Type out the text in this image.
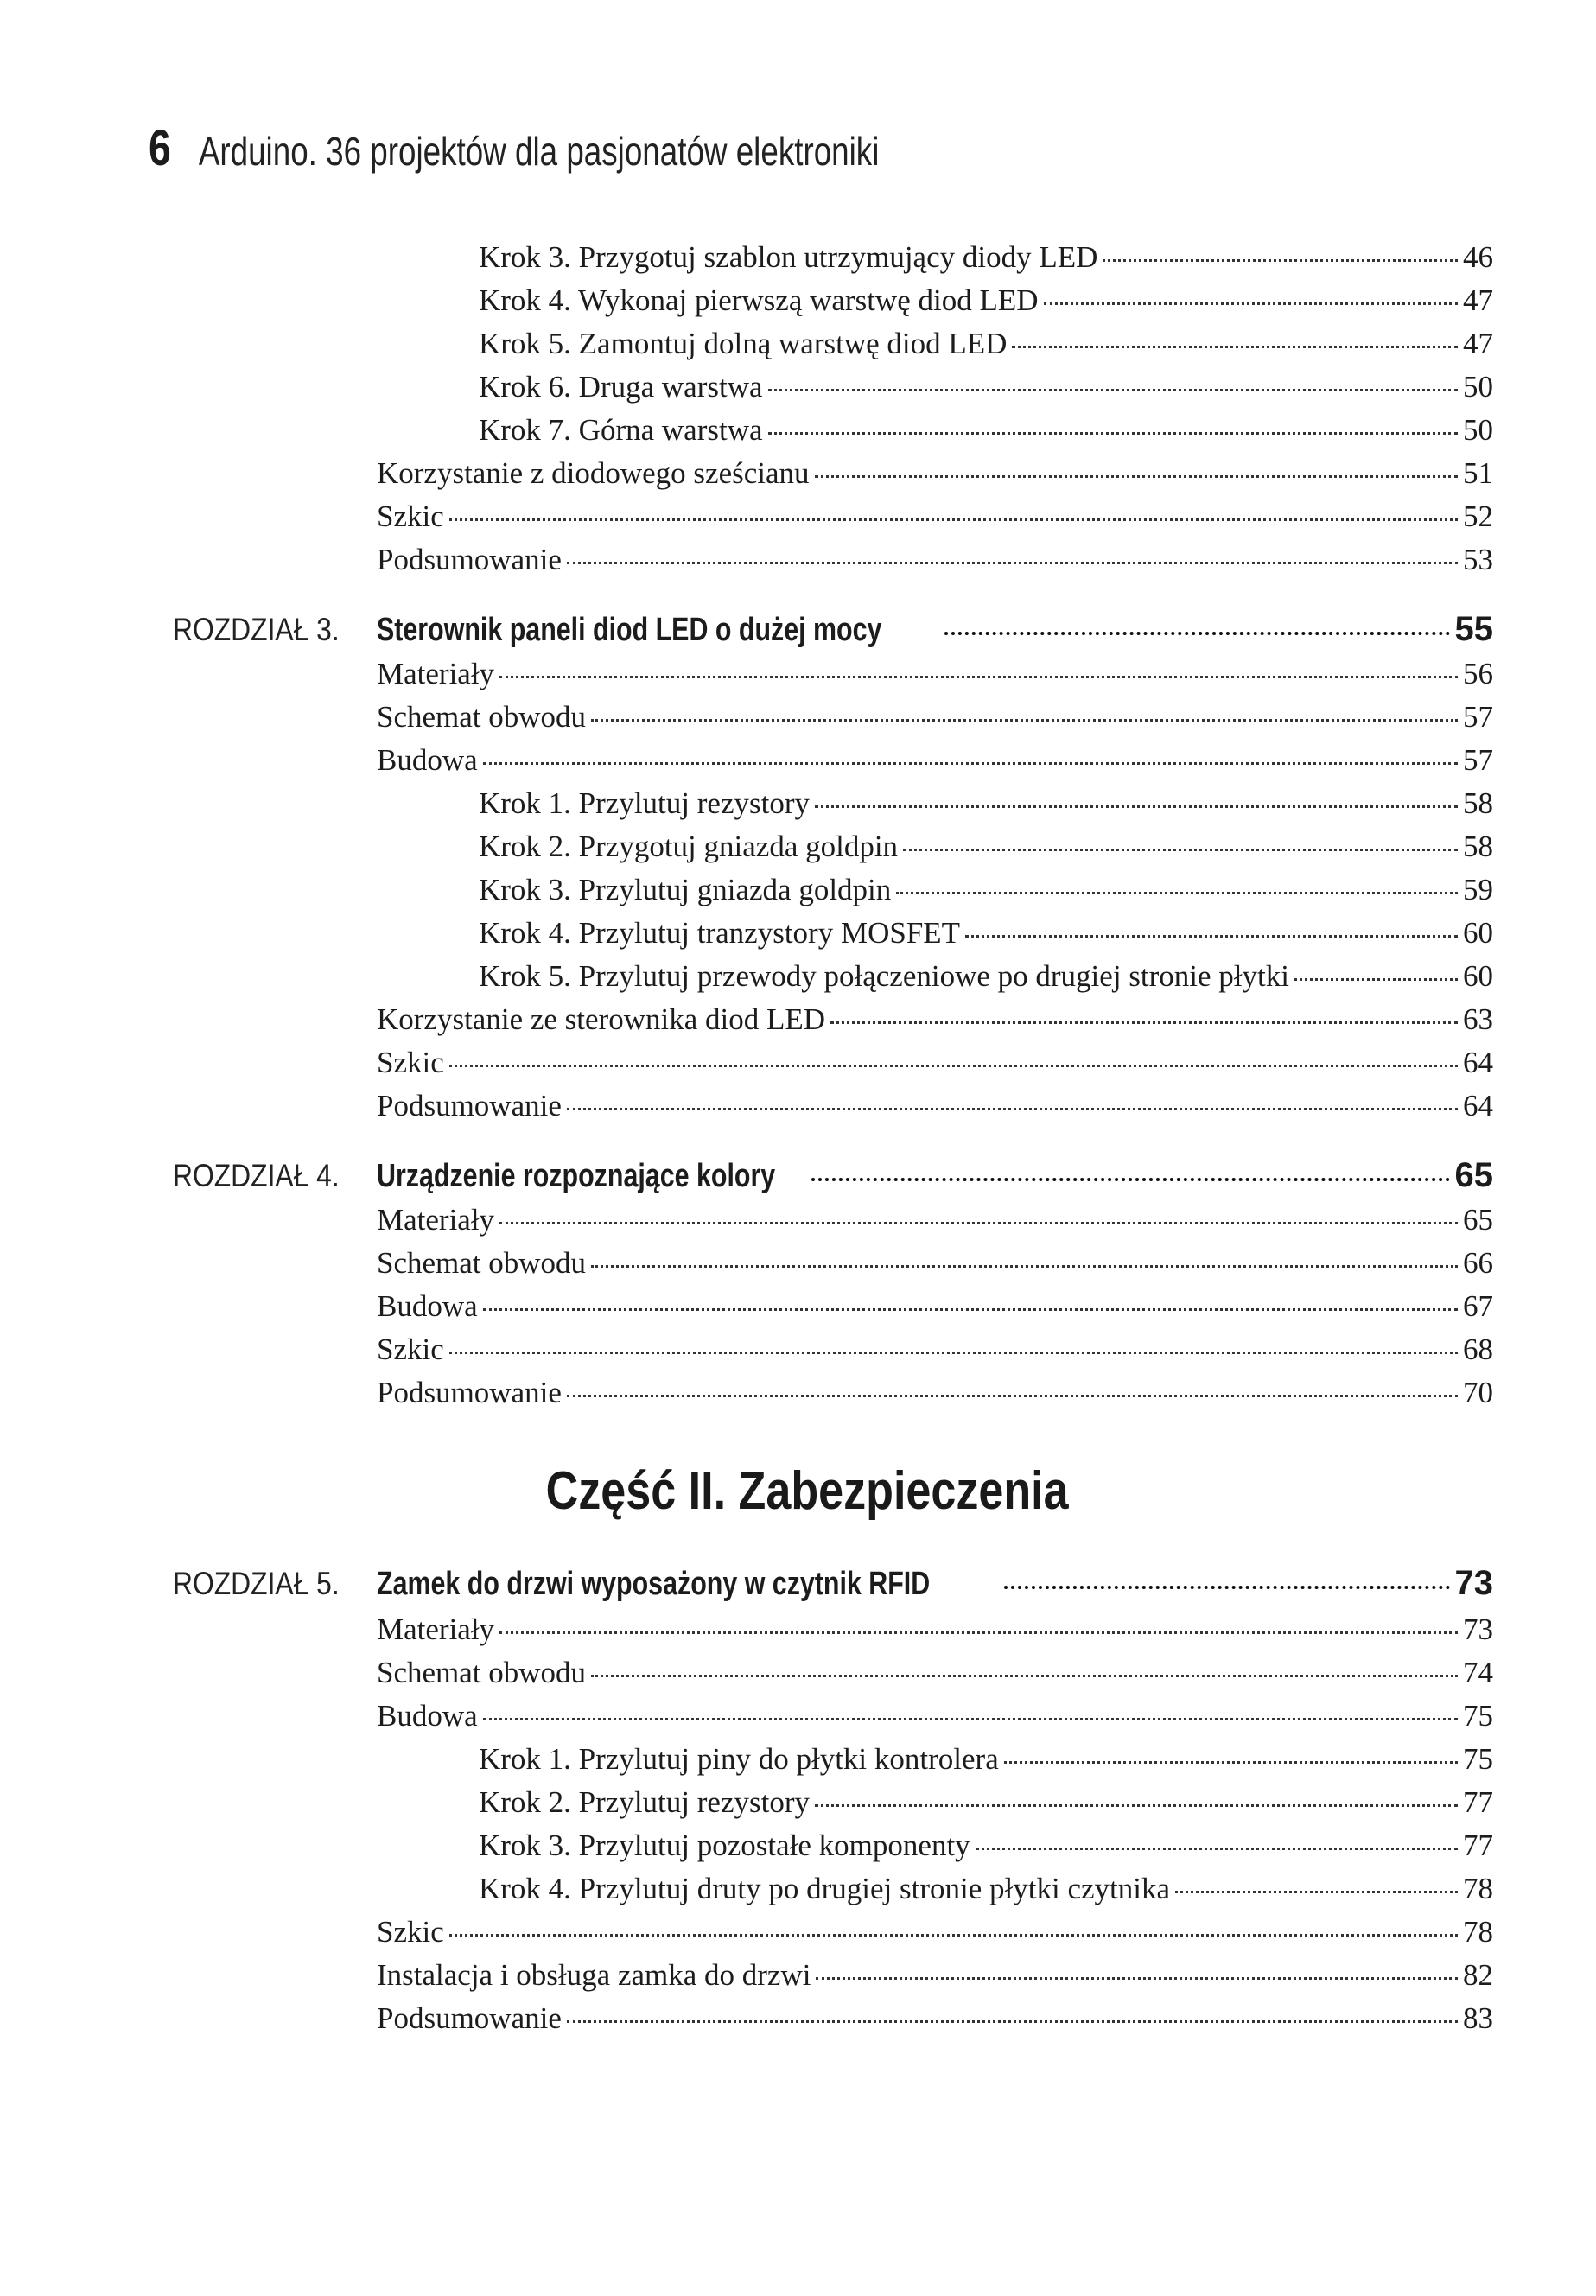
6 Arduino. 36 projektów dla pasjonatów elektroniki
Krok 3. Przygotuj szablon utrzymujący diody LED	46
Krok 4. Wykonaj pierwszą warstwę diod LED	47
Krok 5. Zamontuj dolną warstwę diod LED	47
Krok 6. Druga warstwa	50
Krok 7. Górna warstwa	50
Korzystanie z diodowego sześcianu	51
Szkic	52
Podsumowanie	53
ROZDZIAŁ 3. Sterownik paneli diod LED o dużej mocy	55
Materiały	56
Schemat obwodu	57
Budowa	57
Krok 1. Przylutuj rezystory	58
Krok 2. Przygotuj gniazda goldpin	58
Krok 3. Przylutuj gniazda goldpin	59
Krok 4. Przylutuj tranzystory MOSFET	60
Krok 5. Przylutuj przewody połączeniowe po drugiej stronie płytki	60
Korzystanie ze sterownika diod LED	63
Szkic	64
Podsumowanie	64
ROZDZIAŁ 4. Urządzenie rozpoznające kolory	65
Materiały	65
Schemat obwodu	66
Budowa	67
Szkic	68
Podsumowanie	70
Część II. Zabezpieczenia
ROZDZIAŁ 5. Zamek do drzwi wyposażony w czytnik RFID	73
Materiały	73
Schemat obwodu	74
Budowa	75
Krok 1. Przylutuj piny do płytki kontrolera	75
Krok 2. Przylutuj rezystory	77
Krok 3. Przylutuj pozostałe komponenty	77
Krok 4. Przylutuj druty po drugiej stronie płytki czytnika	78
Szkic	78
Instalacja i obsługa zamka do drzwi	82
Podsumowanie	83
